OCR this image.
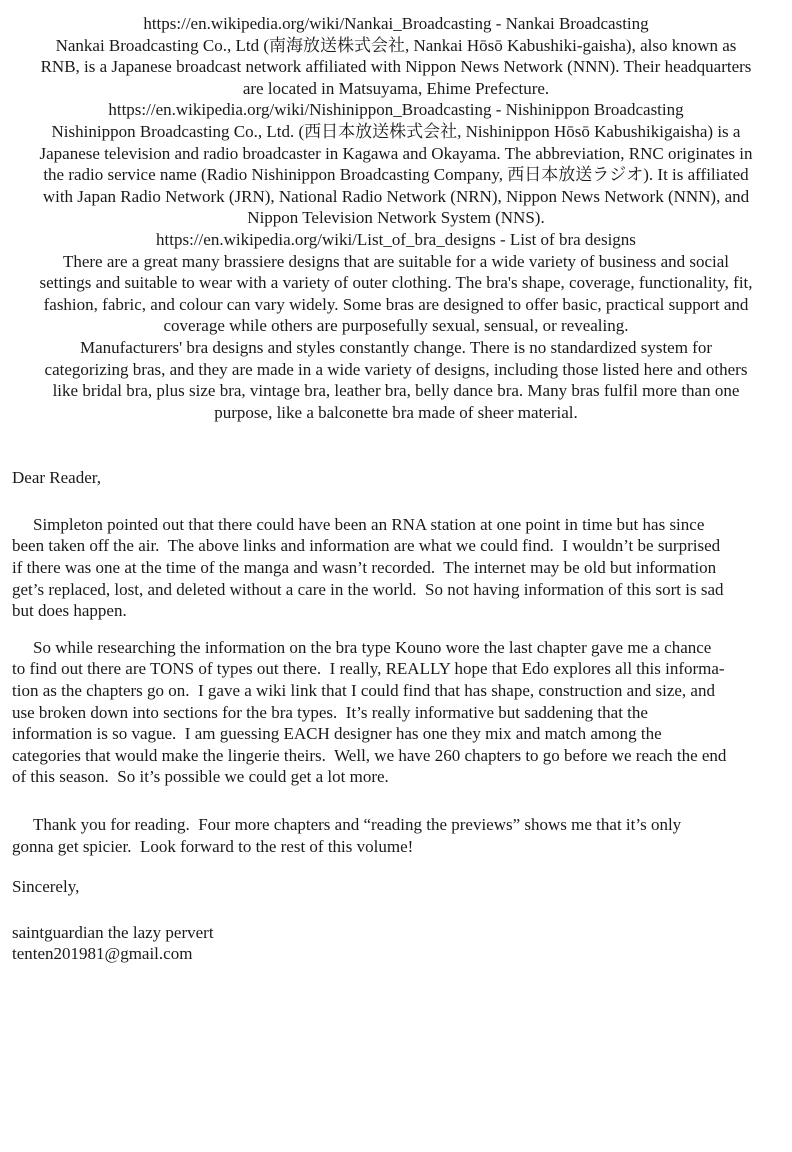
https://en.wikipedia.org/wiki/Nankai_Broadcasting - Nankai Broadcasting
Nankai Broadcasting Co., Ltd (南海放送株式会社, Nankai Hōsō Kabushiki-gaisha), also known as
RNB, is a Japanese broadcast network affiliated with Nippon News Network (NNN). Their headquarters
are located in Matsuyama, Ehime Prefecture.
https://en.wikipedia.org/wiki/Nishinippon_Broadcasting - Nishinippon Broadcasting
Nishinippon Broadcasting Co., Ltd. (西日本放送株式会社, Nishinippon Hōsō Kabushikigaisha) is a
Japanese television and radio broadcaster in Kagawa and Okayama. The abbreviation, RNC originates in
the radio service name (Radio Nishinippon Broadcasting Company, 西日本放送ラジオ). It is affiliated
with Japan Radio Network (JRN), National Radio Network (NRN), Nippon News Network (NNN), and
Nippon Television Network System (NNS).
https://en.wikipedia.org/wiki/List_of_bra_designs - List of bra designs
There are a great many brassiere designs that are suitable for a wide variety of business and social
settings and suitable to wear with a variety of outer clothing. The bra's shape, coverage, functionality, fit,
fashion, fabric, and colour can vary widely. Some bras are designed to offer basic, practical support and
coverage while others are purposefully sexual, sensual, or revealing.
Manufacturers' bra designs and styles constantly change. There is no standardized system for
categorizing bras, and they are made in a wide variety of designs, including those listed here and others
like bridal bra, plus size bra, vintage bra, leather bra, belly dance bra. Many bras fulfil more than one
purpose, like a balconette bra made of sheer material.
Dear Reader,
Simpleton pointed out that there could have been an RNA station at one point in time but has since
been taken off the air.  The above links and information are what we could find.  I wouldn’t be surprised
if there was one at the time of the manga and wasn’t recorded.  The internet may be old but information
get’s replaced, lost, and deleted without a care in the world.  So not having information of this sort is sad
but does happen.
So while researching the information on the bra type Kouno wore the last chapter gave me a chance
to find out there are TONS of types out there.  I really, REALLY hope that Edo explores all this informa-
tion as the chapters go on.  I gave a wiki link that I could find that has shape, construction and size, and
use broken down into sections for the bra types.  It’s really informative but saddening that the
information is so vague.  I am guessing EACH designer has one they mix and match among the
categories that would make the lingerie theirs.  Well, we have 260 chapters to go before we reach the end
of this season.  So it’s possible we could get a lot more.
Thank you for reading.  Four more chapters and “reading the previews” shows me that it’s only
gonna get spicier.  Look forward to the rest of this volume!
Sincerely,
saintguardian the lazy pervert
tenten201981@gmail.com
